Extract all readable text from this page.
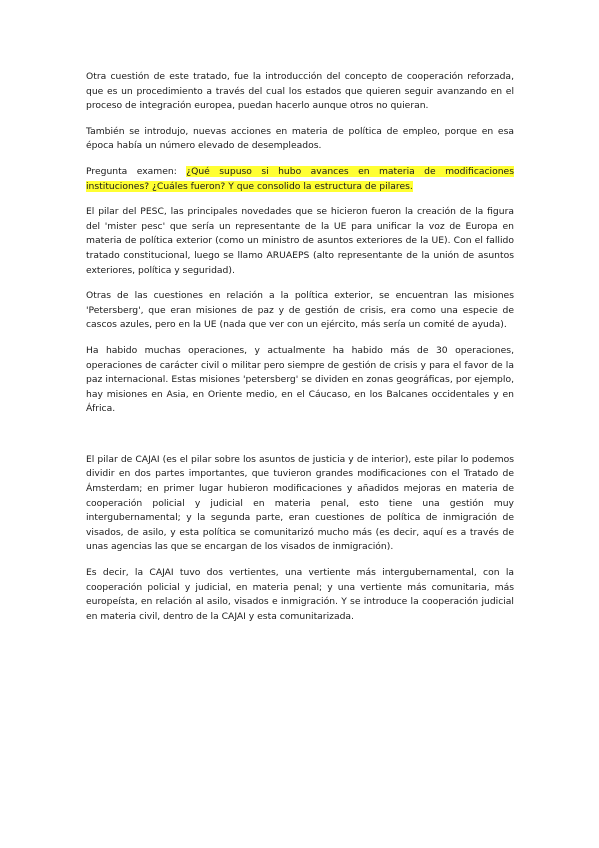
Otra cuestión de este tratado, fue la introducción del concepto de cooperación reforzada, que es un procedimiento a través del cual los estados que quieren seguir avanzando en el proceso de integración europea, puedan hacerlo aunque otros no quieran.

También se introdujo, nuevas acciones en materia de política de empleo, porque en esa época había un número elevado de desempleados.

Pregunta examen: ¿Qué supuso si hubo avances en materia de modificaciones instituciones? ¿Cuáles fueron? Y que consolido la estructura de pilares.

El pilar del PESC, las principales novedades que se hicieron fueron la creación de la figura del 'mister pesc' que sería un representante de la UE para unificar la voz de Europa en materia de política exterior (como un ministro de asuntos exteriores de la UE). Con el fallido tratado constitucional, luego se llamo ARUAEPS (alto representante de la unión de asuntos exteriores, política y seguridad).

Otras de las cuestiones en relación a la política exterior, se encuentran las misiones 'Petersberg', que eran misiones de paz y de gestión de crisis, era como una especie de cascos azules, pero en la UE (nada que ver con un ejército, más sería un comité de ayuda).

Ha habido muchas operaciones, y actualmente ha habido más de 30 operaciones, operaciones de carácter civil o militar pero siempre de gestión de crisis y para el favor de la paz internacional. Estas misiones 'petersberg' se dividen en zonas geográficas, por ejemplo, hay misiones en Asia, en Oriente medio, en el Cáucaso, en los Balcanes occidentales y en África.

El pilar de CAJAI (es el pilar sobre los asuntos de justicia y de interior), este pilar lo podemos dividir en dos partes importantes, que tuvieron grandes modificaciones con el Tratado de Ámsterdam; en primer lugar hubieron modificaciones y añadidos mejoras en materia de cooperación policial y judicial en materia penal, esto tiene una gestión muy intergubernamental; y la segunda parte, eran cuestiones de política de inmigración de visados, de asilo, y esta política se comunitarizó mucho más (es decir, aquí es a través de unas agencias las que se encargan de los visados de inmigración).

Es decir, la CAJAI tuvo dos vertientes, una vertiente más intergubernamental, con la cooperación policial y judicial, en materia penal; y una vertiente más comunitaria, más europeísta, en relación al asilo, visados e inmigración. Y se introduce la cooperación judicial en materia civil, dentro de la CAJAI y esta comunitarizada.
